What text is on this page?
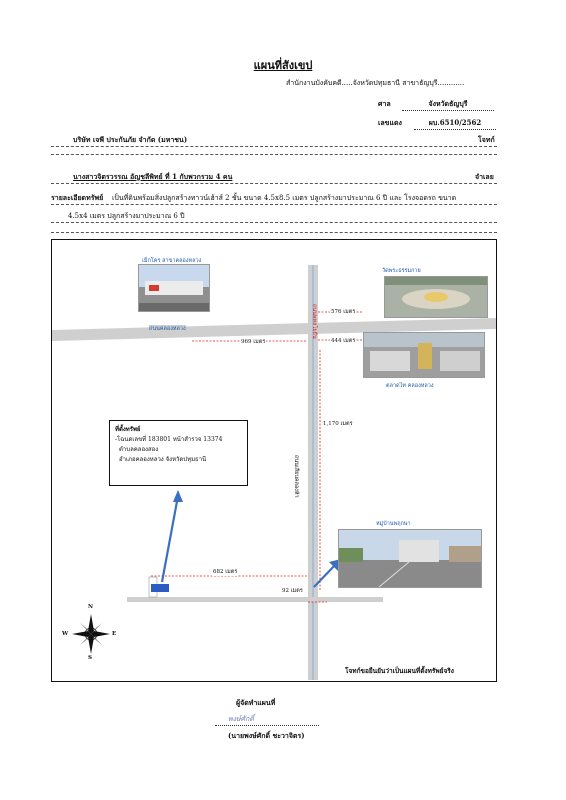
แผนที่สังเขป
สำนักงานบังคับคดี.....จังหวัดปทุมธานี สาขาธัญบุรี............
ศาล	จังหวัดธัญบุรี
เลขแดง	ผบ.6510/2562
บริษัท เจพี ประกันภัย จำกัด (มหาชน)	โจทก์
นางสาวจิตรวรรณ อัญชลีพิทย์ ที่ 1 กับพวกรวม 4 คน	จำเลย
รายละเอียดทรัพย์ เป็นที่ดินพร้อมสิ่งปลูกสร้างทาวน์เฮ้าส์ 2 ชั้น ขนาด 4.5x8.5 เมตร ปลูกสร้างมาประมาณ 6 ปี และ โรงจอดรถ ขนาด
4.5x4 เมตร ปลูกสร้างมาประมาณ 6 ปี
เม็กโคร สาขาคลองหลวง
วัดพระธรรมกาย
ตลาดไท คลองหลวง
หมู่บ้านพฤกษา
ถนนคลองหลวง
ถนนเลียบคลองห้า
ถนนพหลโยธิน	576 เมตร
969 เมตร	444 เมตร
1,170 เมตร
682 เมตร
92 เมตร
N
S
W	E
ที่ตั้งทรัพย์
-โฉนดเลขที่ 183801 หน้าสำรวจ 13374
ตำบลคลองสอง
อำเภอคลองหลวง จังหวัดปทุมธานี
โจทก์ขอยืนยันว่าเป็นแผนที่ตั้งทรัพย์จริง
ผู้จัดทำแผนที่
พงษ์ศักดิ์
(นายพงษ์ศักดิ์ ชะวาจิตร)
